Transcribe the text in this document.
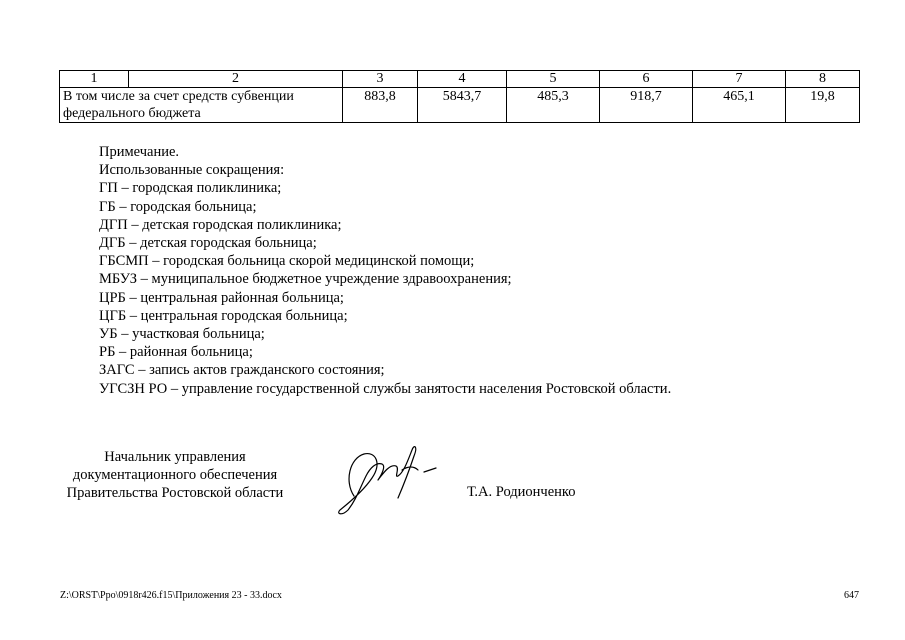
1	2	3	4	5	6	7	8

В том числе за счет средств субвенции
федерального бюджета		883,8	5843,7	485,3	918,7	465,1	19,8
Примечание.
Использованные сокращения:
ГП – городская поликлиника;
ГБ – городская больница;
ДГП – детская городская поликлиника;
ДГБ – детская городская больница;
ГБСМП – городская больница скорой медицинской помощи;
МБУЗ – муниципальное бюджетное учреждение здравоохранения;
ЦРБ – центральная районная больница;
ЦГБ – центральная городская больница;
УБ – участковая больница;
РБ – районная больница;
ЗАГС – запись актов гражданского состояния;
УГСЗН РО – управление государственной службы занятости населения Ростовской области.
Начальник управления
документационного обеспечения
Правительства Ростовской области	Т.А. Родионченко
Z:\ORST\Ppo\0918r426.f15\Приложения 23 - 33.docx	647
